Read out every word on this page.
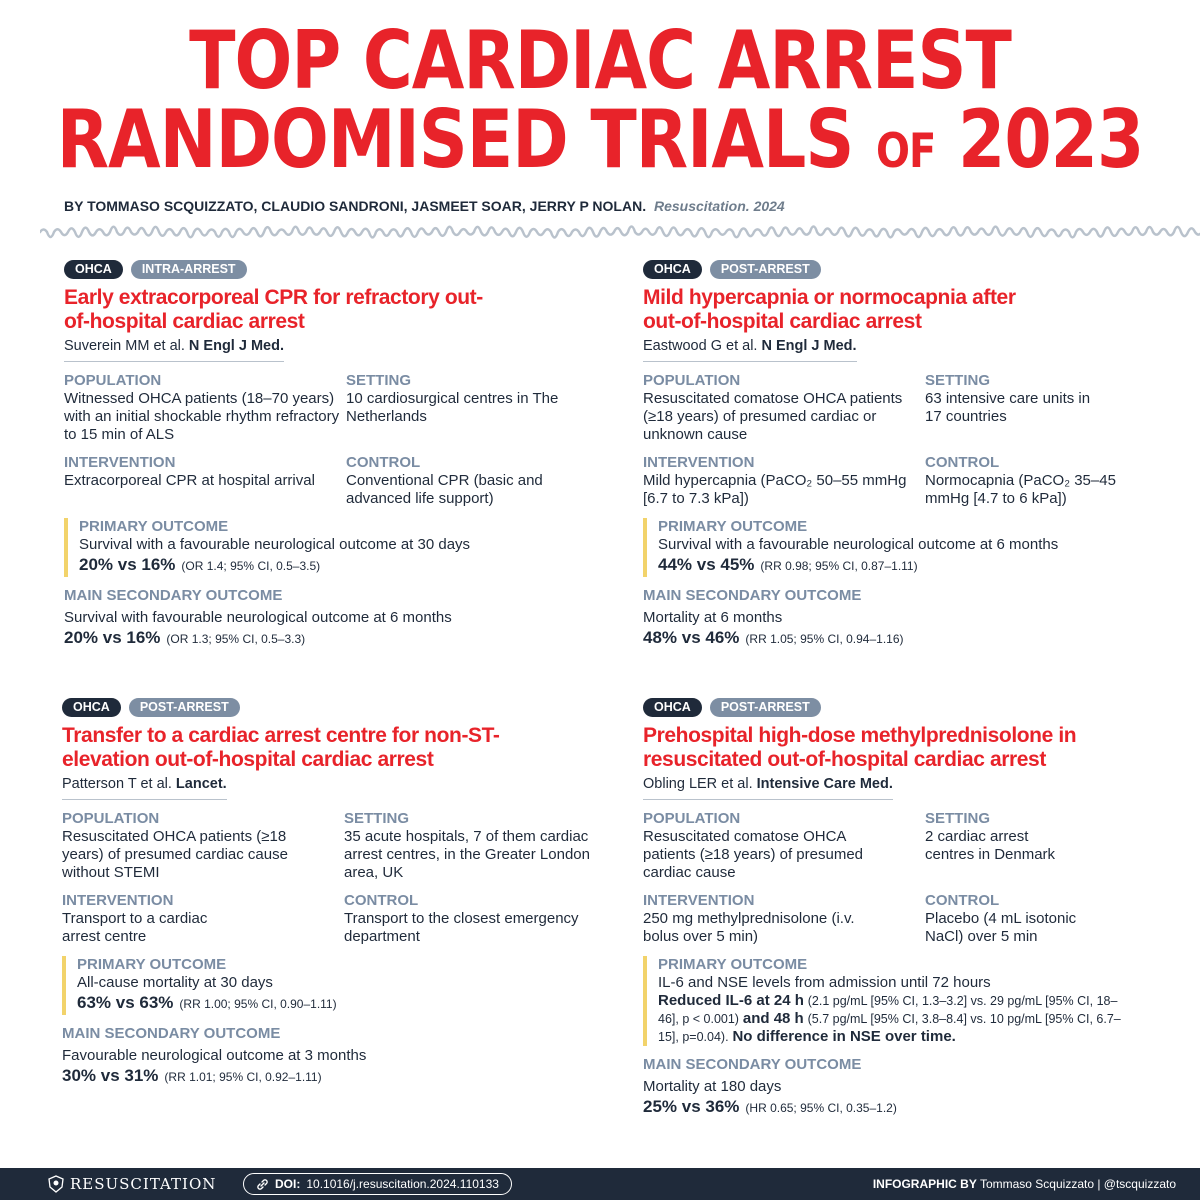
TOP CARDIAC ARREST
RANDOMISED TRIALS OF 2023
BY TOMMASO SCQUIZZATO, CLAUDIO SANDRONI, JASMEET SOAR, JERRY P NOLAN. Resuscitation. 2024
OHCA	INTRA-ARREST
Early extracorporeal CPR for refractory out-of-hospital cardiac arrest
Suverein MM et al. N Engl J Med.
POPULATION
Witnessed OHCA patients (18–70 years) with an initial shockable rhythm refractory to 15 min of ALS
SETTING
10 cardiosurgical centres in The Netherlands
INTERVENTION
Extracorporeal CPR at hospital arrival
CONTROL
Conventional CPR (basic and advanced life support)
PRIMARY OUTCOME
Survival with a favourable neurological outcome at 30 days
20% vs 16% (OR 1.4; 95% CI, 0.5–3.5)
MAIN SECONDARY OUTCOME
Survival with favourable neurological outcome at 6 months
20% vs 16% (OR 1.3; 95% CI, 0.5–3.3)
OHCA	POST-ARREST
Mild hypercapnia or normocapnia after out-of-hospital cardiac arrest
Eastwood G et al. N Engl J Med.
POPULATION
Resuscitated comatose OHCA patients (≥18 years) of presumed cardiac or unknown cause
SETTING
63 intensive care units in 17 countries
INTERVENTION
Mild hypercapnia (PaCO₂ 50–55 mmHg [6.7 to 7.3 kPa])
CONTROL
Normocapnia (PaCO₂ 35–45 mmHg [4.7 to 6 kPa])
PRIMARY OUTCOME
Survival with a favourable neurological outcome at 6 months
44% vs 45% (RR 0.98; 95% CI, 0.87–1.11)
MAIN SECONDARY OUTCOME
Mortality at 6 months
48% vs 46% (RR 1.05; 95% CI, 0.94–1.16)
OHCA	POST-ARREST
Transfer to a cardiac arrest centre for non-ST-elevation out-of-hospital cardiac arrest
Patterson T et al. Lancet.
POPULATION
Resuscitated OHCA patients (≥18 years) of presumed cardiac cause without STEMI
SETTING
35 acute hospitals, 7 of them cardiac arrest centres, in the Greater London area, UK
INTERVENTION
Transport to a cardiac arrest centre
CONTROL
Transport to the closest emergency department
PRIMARY OUTCOME
All-cause mortality at 30 days
63% vs 63% (RR 1.00; 95% CI, 0.90–1.11)
MAIN SECONDARY OUTCOME
Favourable neurological outcome at 3 months
30% vs 31% (RR 1.01; 95% CI, 0.92–1.11)
OHCA	POST-ARREST
Prehospital high-dose methylprednisolone in resuscitated out-of-hospital cardiac arrest
Obling LER et al. Intensive Care Med.
POPULATION
Resuscitated comatose OHCA patients (≥18 years) of presumed cardiac cause
SETTING
2 cardiac arrest centres in Denmark
INTERVENTION
250 mg methylprednisolone (i.v. bolus over 5 min)
CONTROL
Placebo (4 mL isotonic NaCl) over 5 min
PRIMARY OUTCOME
IL-6 and NSE levels from admission until 72 hours
Reduced IL-6 at 24 h (2.1 pg/mL [95% CI, 1.3–3.2] vs. 29 pg/mL [95% CI, 18–46], p < 0.001) and 48 h (5.7 pg/mL [95% CI, 3.8–8.4] vs. 10 pg/mL [95% CI, 6.7–15], p=0.04). No difference in NSE over time.
MAIN SECONDARY OUTCOME
Mortality at 180 days
25% vs 36% (HR 0.65; 95% CI, 0.35–1.2)
RESUSCITATION	DOI: 10.1016/j.resuscitation.2024.110133	INFOGRAPHIC BY Tommaso Scquizzato | @tscquizzato
